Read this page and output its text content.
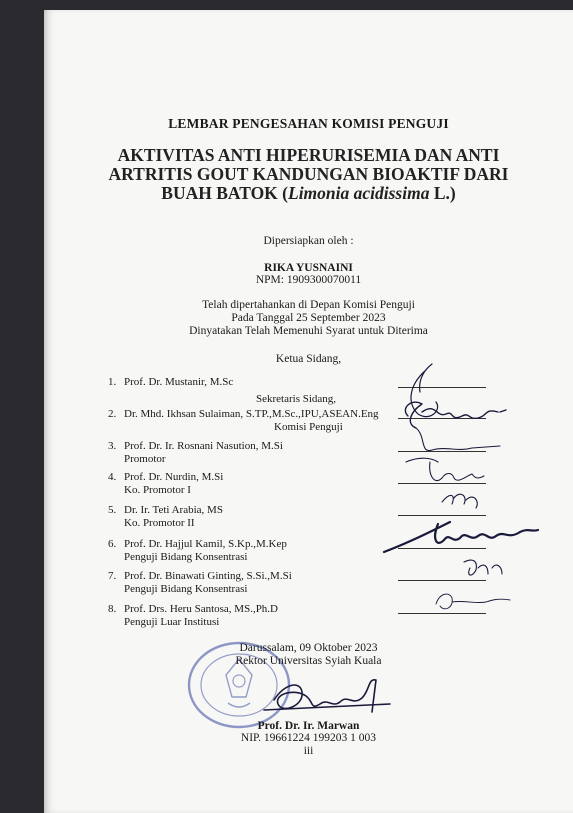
LEMBAR PENGESAHAN KOMISI PENGUJI
AKTIVITAS ANTI HIPERURISEMIA DAN ANTI
ARTRITIS GOUT KANDUNGAN BIOAKTIF DARI
BUAH BATOK (Limonia acidissima L.)
Dipersiapkan oleh :
RIKA YUSNAINI
NPM: 1909300070011
Telah dipertahankan di Depan Komisi Penguji
Pada Tanggal 25 September 2023
Dinyatakan Telah Memenuhi Syarat untuk Diterima
Ketua Sidang,
1. Prof. Dr. Mustanir, M.Sc
Sekretaris Sidang,
2. Dr. Mhd. Ikhsan Sulaiman, S.TP.,M.Sc.,IPU,ASEAN.Eng
Komisi Penguji
3. Prof. Dr. Ir. Rosnani Nasution, M.Si
Promotor
4. Prof. Dr. Nurdin, M.Si
Ko. Promotor I
5. Dr. Ir. Teti Arabia, MS
Ko. Promotor II
6. Prof. Dr. Hajjul Kamil, S.Kp.,M.Kep
Penguji Bidang Konsentrasi
7. Prof. Dr. Binawati Ginting, S.Si.,M.Si
Penguji Bidang Konsentrasi
8. Prof. Drs. Heru Santosa, MS.,Ph.D
Penguji Luar Institusi
Darussalam, 09 Oktober 2023
Rektor Universitas Syiah Kuala
Prof. Dr. Ir. Marwan
NIP. 19661224 199203 1 003
iii
